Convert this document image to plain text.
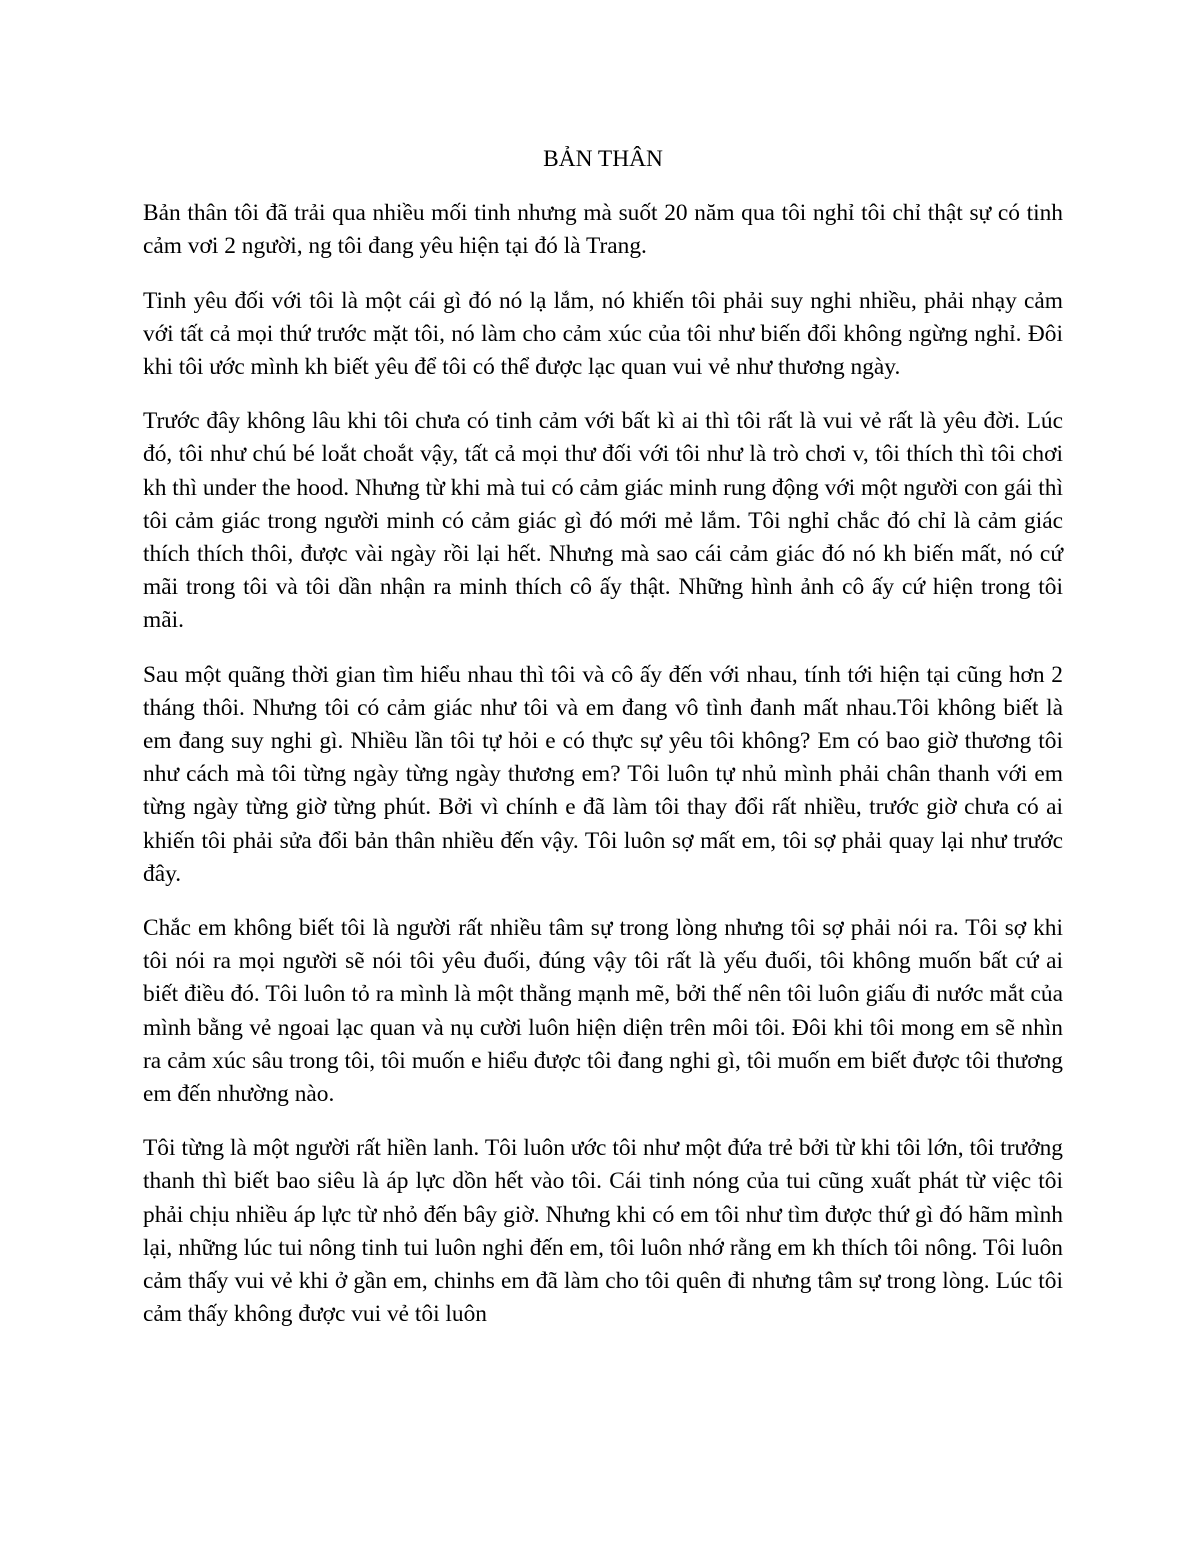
BẢN THÂN

Bản thân tôi đã trải qua nhiều mối tinh nhưng mà suốt 20 năm qua tôi nghỉ tôi chỉ thật sự có tinh cảm vơi 2 người, ng tôi đang yêu hiện tại đó là Trang.

Tinh yêu đối với tôi là một cái gì đó nó lạ lắm, nó khiến tôi phải suy nghi nhiều, phải nhạy cảm với tất cả mọi thứ trước mặt tôi, nó làm cho cảm xúc của tôi như biến đổi không ngừng nghỉ. Đôi khi tôi ước mình kh biết yêu để tôi có thể được lạc quan vui vẻ như thương ngày.

Trước đây không lâu khi tôi chưa có tinh cảm với bất kì ai thì tôi rất là vui vẻ rất là yêu đời. Lúc đó, tôi như chú bé loắt choắt vậy, tất cả mọi thư đối với tôi như là trò chơi v, tôi thích thì tôi chơi kh thì under the hood. Nhưng từ khi mà tui có cảm giác minh rung động với một người con gái thì tôi cảm giác trong người minh có cảm giác gì đó mới mẻ lắm. Tôi nghỉ chắc đó chỉ là cảm giác thích thích thôi, được vài ngày rồi lại hết. Nhưng mà sao cái cảm giác đó nó kh biến mất, nó cứ mãi trong tôi và tôi dần nhận ra minh thích cô ấy thật. Những hình ảnh cô ấy cứ hiện trong tôi mãi.

Sau một quãng thời gian tìm hiểu nhau thì tôi và cô ấy đến với nhau, tính tới hiện tại cũng hơn 2 tháng thôi. Nhưng tôi có cảm giác như tôi và em đang vô tình đanh mất nhau.Tôi không biết là em đang suy nghi gì. Nhiều lần tôi tự hỏi e có thực sự yêu tôi không? Em có bao giờ thương tôi như cách mà tôi từng ngày từng ngày thương em? Tôi luôn tự nhủ mình phải chân thanh với em từng ngày từng giờ từng phút. Bởi vì chính e đã làm tôi thay đổi rất nhiều, trước giờ chưa có ai khiến tôi phải sửa đổi bản thân nhiều đến vậy. Tôi luôn sợ mất em, tôi sợ phải quay lại như trước đây.

Chắc em không biết tôi là người rất nhiều tâm sự trong lòng nhưng tôi sợ phải nói ra. Tôi sợ khi tôi nói ra mọi người sẽ nói tôi yêu đuối, đúng vậy tôi rất là yếu đuối, tôi không muốn bất cứ ai biết điều đó. Tôi luôn tỏ ra mình là một thằng mạnh mẽ, bởi thế nên tôi luôn giấu đi nước mắt của mình bằng vẻ ngoai lạc quan và nụ cười luôn hiện diện trên môi tôi. Đôi khi tôi mong em sẽ nhìn ra cảm xúc sâu trong tôi, tôi muốn e hiểu được tôi đang nghi gì, tôi muốn em biết được tôi thương em đến nhường nào.

Tôi từng là một người rất hiền lanh. Tôi luôn ước tôi như một đứa trẻ bởi từ khi tôi lớn, tôi trưởng thanh thì biết bao siêu là áp lực dồn hết vào tôi. Cái tinh nóng của tui cũng xuất phát từ việc tôi phải chịu nhiều áp lực từ nhỏ đến bây giờ. Nhưng khi có em tôi như tìm được thứ gì đó hãm mình lại, những lúc tui nông tinh tui luôn nghi đến em, tôi luôn nhớ rằng em kh thích tôi nông. Tôi luôn cảm thấy vui vẻ khi ở gần em, chinhs em đã làm cho tôi quên đi nhưng tâm sự trong lòng. Lúc tôi cảm thấy không được vui vẻ tôi luôn
